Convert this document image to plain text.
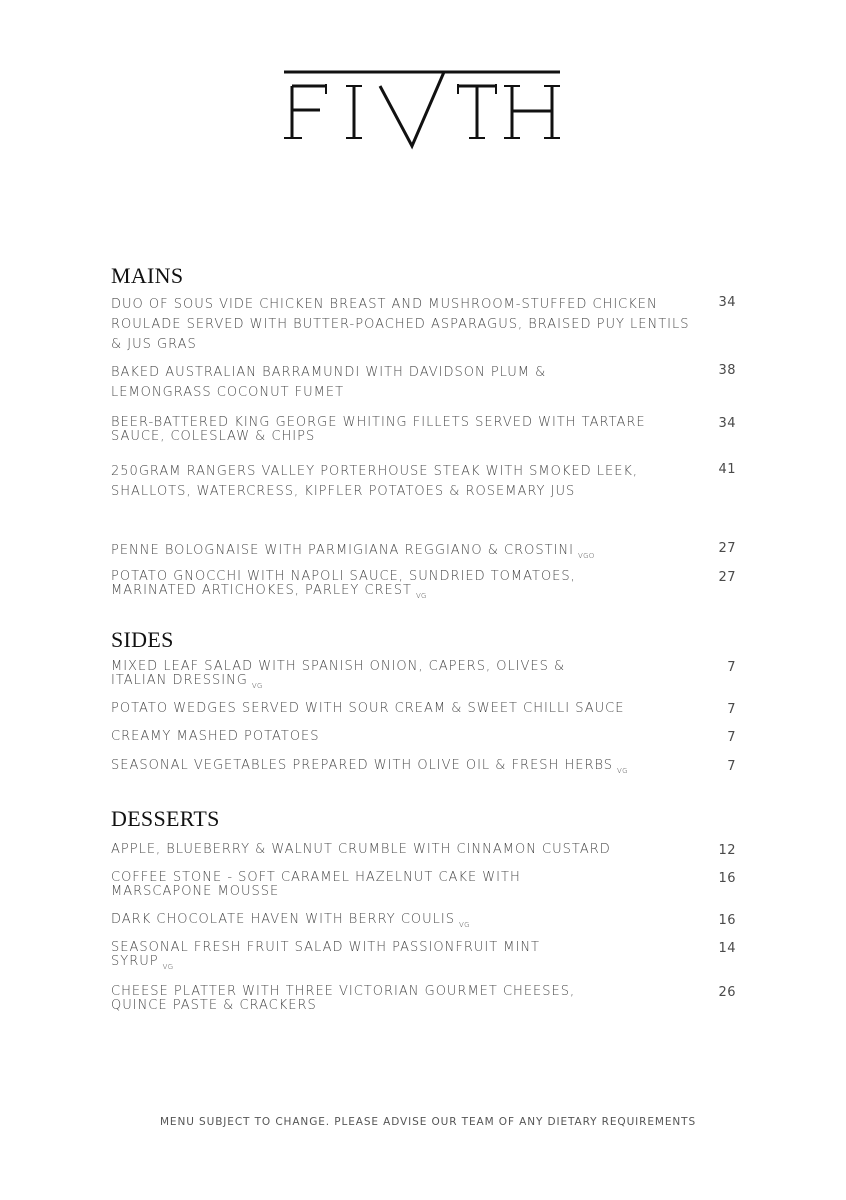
MAINS
DUO OF SOUS VIDE CHICKEN BREAST AND MUSHROOM-STUFFED CHICKEN ROULADE SERVED WITH BUTTER-POACHED ASPARAGUS, BRAISED PUY LENTILS & JUS GRAS
34
BAKED AUSTRALIAN BARRAMUNDI WITH DAVIDSON PLUM & LEMONGRASS COCONUT FUMET
38
BEER-BATTERED KING GEORGE WHITING FILLETS SERVED WITH TARTARE SAUCE, COLESLAW & CHIPS
34
250GRAM RANGERS VALLEY PORTERHOUSE STEAK WITH SMOKED LEEK, SHALLOTS, WATERCRESS, KIPFLER POTATOES & ROSEMARY JUS
41
PENNE BOLOGNAISE WITH PARMIGIANA REGGIANO & CROSTINI $_{VGO}$	27
POTATO GNOCCHI WITH NAPOLI SAUCE, SUNDRIED TOMATOES, MARINATED ARTICHOKES, PARLEY CREST $_{VG}$
27
SIDES
MIXED LEAF SALAD WITH SPANISH ONION, CAPERS, OLIVES & ITALIAN DRESSING $_{VG}$
7
POTATO WEDGES SERVED WITH SOUR CREAM & SWEET CHILLI SAUCE	7
CREAMY MASHED POTATOES	7
SEASONAL VEGETABLES PREPARED WITH OLIVE OIL & FRESH HERBS $_{VG}$	7
DESSERTS
APPLE, BLUEBERRY & WALNUT CRUMBLE WITH CINNAMON CUSTARD	12
COFFEE STONE - SOFT CARAMEL HAZELNUT CAKE WITH MARSCAPONE MOUSSE
16
DARK CHOCOLATE HAVEN WITH BERRY COULIS $_{VG}$	16
SEASONAL FRESH FRUIT SALAD WITH PASSIONFRUIT MINT SYRUP $_{VG}$
14
CHEESE PLATTER WITH THREE VICTORIAN GOURMET CHEESES, QUINCE PASTE & CRACKERS
26
MENU SUBJECT TO CHANGE. PLEASE ADVISE OUR TEAM OF ANY DIETARY REQUIREMENTS
